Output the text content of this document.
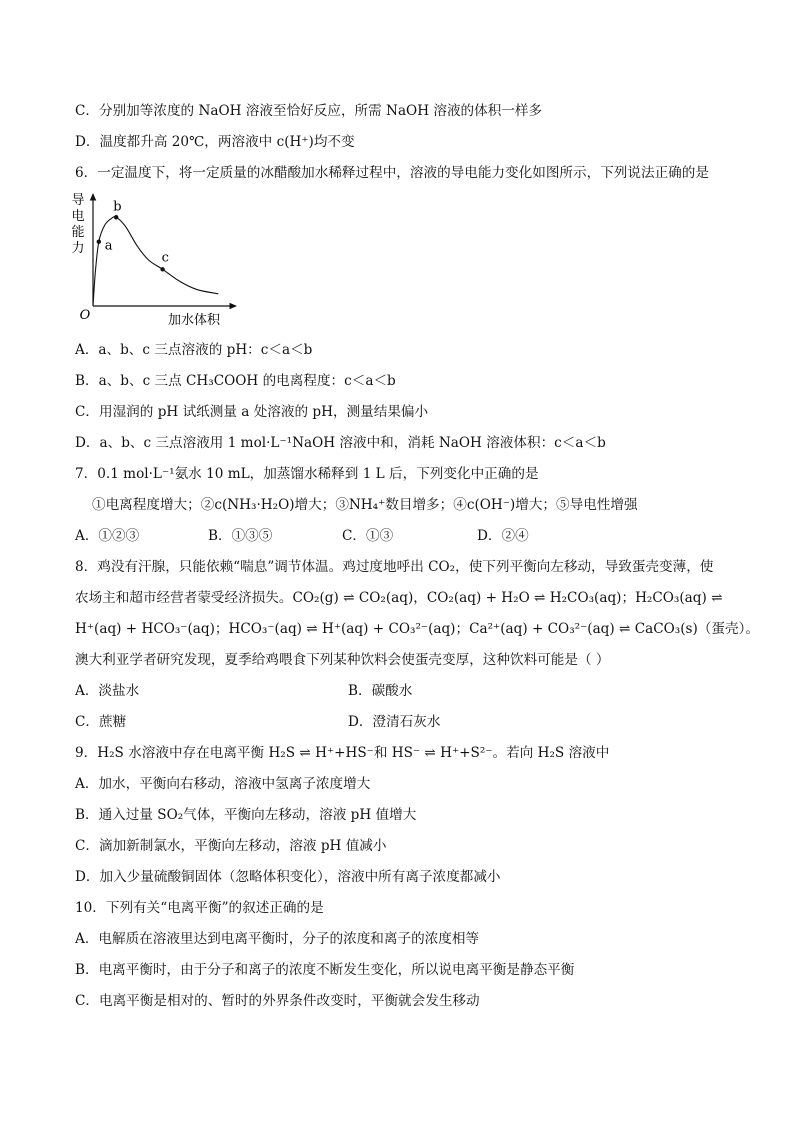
C．分别加等浓度的 NaOH 溶液至恰好反应，所需 NaOH 溶液的体积一样多
D．温度都升高 20℃，两溶液中 c(H⁺)均不变
6．一定温度下，将一定质量的冰醋酸加水稀释过程中，溶液的导电能力变化如图所示，下列说法正确的是
导
电
能
力
O
a
b
c
加水体积
A．a、b、c 三点溶液的 pH：c＜a＜b
B．a、b、c 三点 CH₃COOH 的电离程度：c＜a＜b
C．用湿润的 pH 试纸测量 a 处溶液的 pH，测量结果偏小
D．a、b、c 三点溶液用 1 mol·L⁻¹NaOH 溶液中和，消耗 NaOH 溶液体积：c＜a＜b
7．0.1 mol·L⁻¹氨水 10 mL，加蒸馏水稀释到 1 L 后，下列变化中正确的是
①电离程度增大；②c(NH₃·H₂O)增大；③NH₄⁺数目增多；④c(OH⁻)增大；⑤导电性增强
A．①②③	B．①③⑤	C．①③	D．②④
8．鸡没有汗腺，只能依赖“喘息”调节体温。鸡过度地呼出 CO₂，使下列平衡向左移动，导致蛋壳变薄，使
农场主和超市经营者蒙受经济损失。CO₂(g) ⇌ CO₂(aq)，CO₂(aq) + H₂O ⇌ H₂CO₃(aq)；H₂CO₃(aq) ⇌
H⁺(aq) + HCO₃⁻(aq)；HCO₃⁻(aq) ⇌ H⁺(aq) + CO₃²⁻(aq)；Ca²⁺(aq) + CO₃²⁻(aq) ⇌ CaCO₃(s)（蛋壳）。
澳大利亚学者研究发现，夏季给鸡喂食下列某种饮料会使蛋壳变厚，这种饮料可能是（ ）
A．淡盐水	B．碳酸水
C．蔗糖	D．澄清石灰水
9．H₂S 水溶液中存在电离平衡 H₂S ⇌ H⁺+HS⁻和 HS⁻ ⇌ H⁺+S²⁻。若向 H₂S 溶液中
A．加水，平衡向右移动，溶液中氢离子浓度增大
B．通入过量 SO₂气体，平衡向左移动，溶液 pH 值增大
C．滴加新制氯水，平衡向左移动，溶液 pH 值减小
D．加入少量硫酸铜固体（忽略体积变化），溶液中所有离子浓度都减小
10．下列有关“电离平衡”的叙述正确的是
A．电解质在溶液里达到电离平衡时，分子的浓度和离子的浓度相等
B．电离平衡时，由于分子和离子的浓度不断发生变化，所以说电离平衡是静态平衡
C．电离平衡是相对的、暂时的外界条件改变时，平衡就会发生移动
